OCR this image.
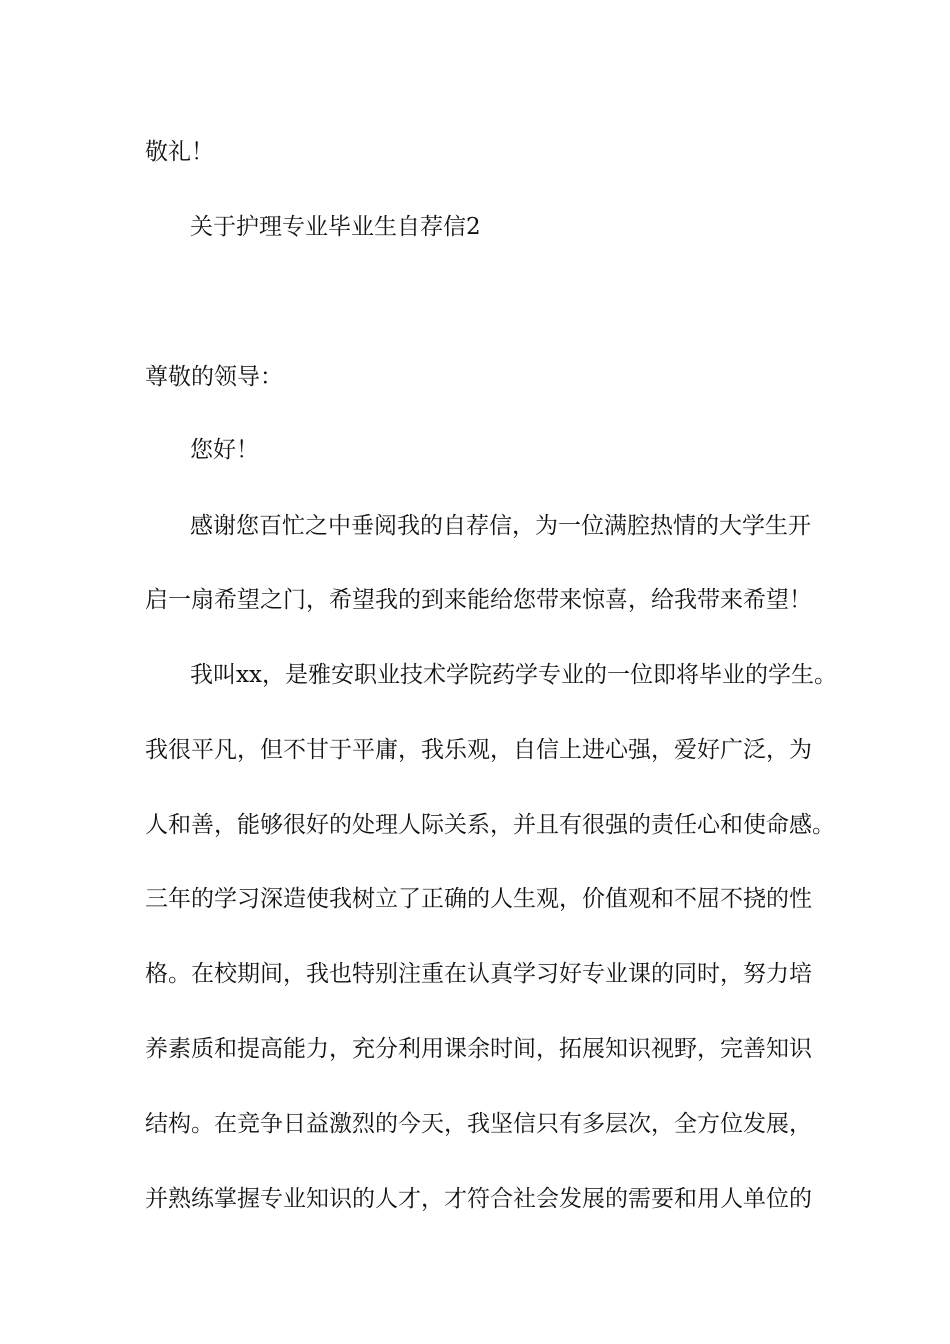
敬礼！
关于护理专业毕业生自荐信2
尊敬的领导：
您好！
感谢您百忙之中垂阅我的自荐信，为一位满腔热情的大学生开
启一扇希望之门，希望我的到来能给您带来惊喜，给我带来希望！
我叫xx，是雅安职业技术学院药学专业的一位即将毕业的学生。
我很平凡，但不甘于平庸，我乐观，自信上进心强，爱好广泛，为
人和善，能够很好的处理人际关系，并且有很强的责任心和使命感。
三年的学习深造使我树立了正确的人生观，价值观和不屈不挠的性
格。在校期间，我也特别注重在认真学习好专业课的同时，努力培
养素质和提高能力，充分利用课余时间，拓展知识视野，完善知识
结构。在竞争日益激烈的今天，我坚信只有多层次，全方位发展，
并熟练掌握专业知识的人才，才符合社会发展的需要和用人单位的
